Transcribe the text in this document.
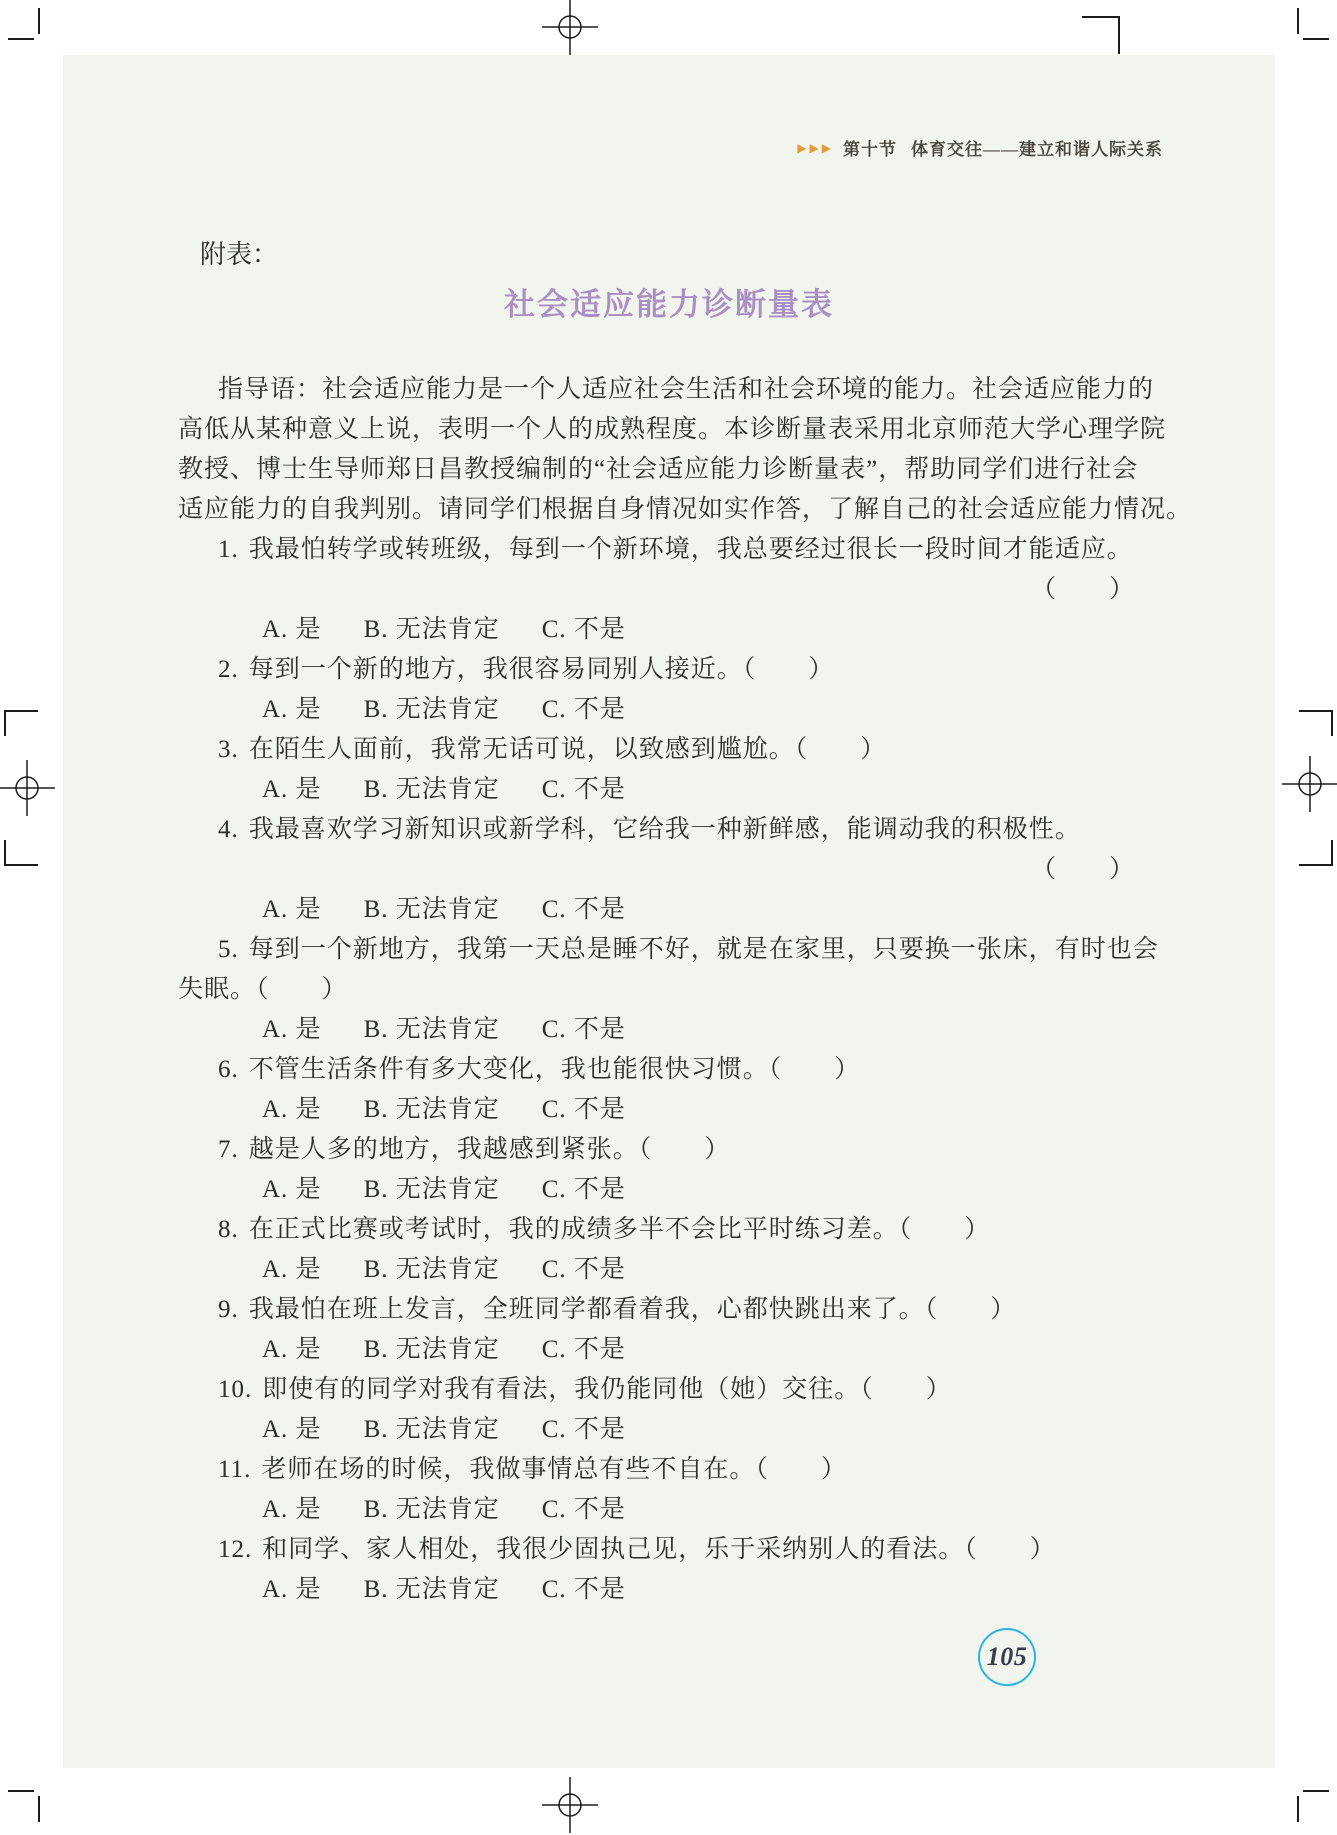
▶▶▶ 第十节 体育交往——建立和谐人际关系
附表：
社会适应能力诊断量表
指导语：社会适应能力是一个人适应社会生活和社会环境的能力。社会适应能力的
高低从某种意义上说，表明一个人的成熟程度。本诊断量表采用北京师范大学心理学院
教授、博士生导师郑日昌教授编制的“社会适应能力诊断量表”，帮助同学们进行社会
适应能力的自我判别。请同学们根据自身情况如实作答，了解自己的社会适应能力情况。
1. 我最怕转学或转班级，每到一个新环境，我总要经过很长一段时间才能适应。
（　　）
A. 是 B. 无法肯定 C. 不是
2. 每到一个新的地方，我很容易同别人接近。（　　）
A. 是 B. 无法肯定 C. 不是
3. 在陌生人面前，我常无话可说，以致感到尴尬。（　　）
A. 是 B. 无法肯定 C. 不是
4. 我最喜欢学习新知识或新学科，它给我一种新鲜感，能调动我的积极性。
（　　）
A. 是 B. 无法肯定 C. 不是
5. 每到一个新地方，我第一天总是睡不好，就是在家里，只要换一张床，有时也会
失眠。（　　）
A. 是 B. 无法肯定 C. 不是
6. 不管生活条件有多大变化，我也能很快习惯。（　　）
A. 是 B. 无法肯定 C. 不是
7. 越是人多的地方，我越感到紧张。（　　）
A. 是 B. 无法肯定 C. 不是
8. 在正式比赛或考试时，我的成绩多半不会比平时练习差。（　　）
A. 是 B. 无法肯定 C. 不是
9. 我最怕在班上发言，全班同学都看着我，心都快跳出来了。（　　）
A. 是 B. 无法肯定 C. 不是
10. 即使有的同学对我有看法，我仍能同他（她）交往。（　　）
A. 是 B. 无法肯定 C. 不是
11. 老师在场的时候，我做事情总有些不自在。（　　）
A. 是 B. 无法肯定 C. 不是
12. 和同学、家人相处，我很少固执己见，乐于采纳别人的看法。（　　）
A. 是 B. 无法肯定 C. 不是
105
